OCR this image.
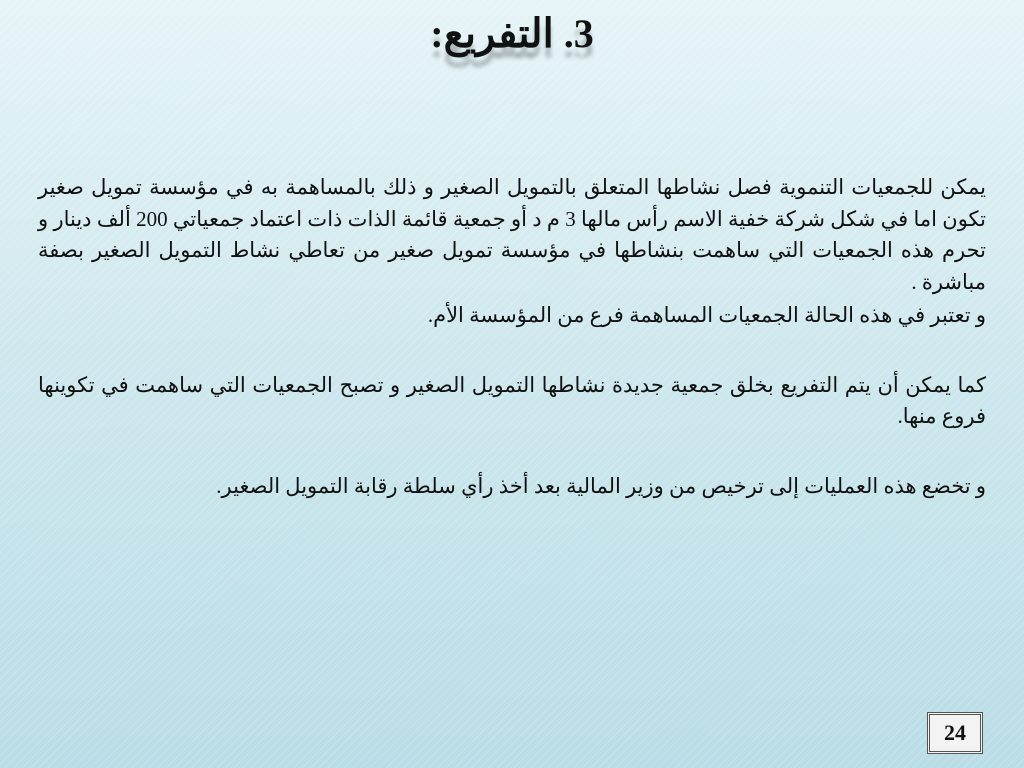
3. التفريع:

يمكن للجمعيات التنموية فصل نشاطها المتعلق بالتمويل الصغير و ذلك بالمساهمة به في مؤسسة تمويل صغير تكون اما في شكل شركة خفية الاسم رأس مالها 3 م د أو جمعية قائمة الذات ذات اعتماد جمعياتي 200 ألف دينار و تحرم هذه الجمعيات التي ساهمت بنشاطها في مؤسسة تمويل صغير من تعاطي نشاط التمويل الصغير بصفة مباشرة .

و تعتبر في هذه الحالة الجمعيات المساهمة فرع من المؤسسة الأم.

كما يمكن أن يتم التفريع بخلق جمعية جديدة نشاطها التمويل الصغير و تصبح الجمعيات التي ساهمت في تكوينها فروع منها.

و تخضع هذه العمليات إلى ترخيص من وزير المالية بعد أخذ رأي سلطة رقابة التمويل الصغير.

24
